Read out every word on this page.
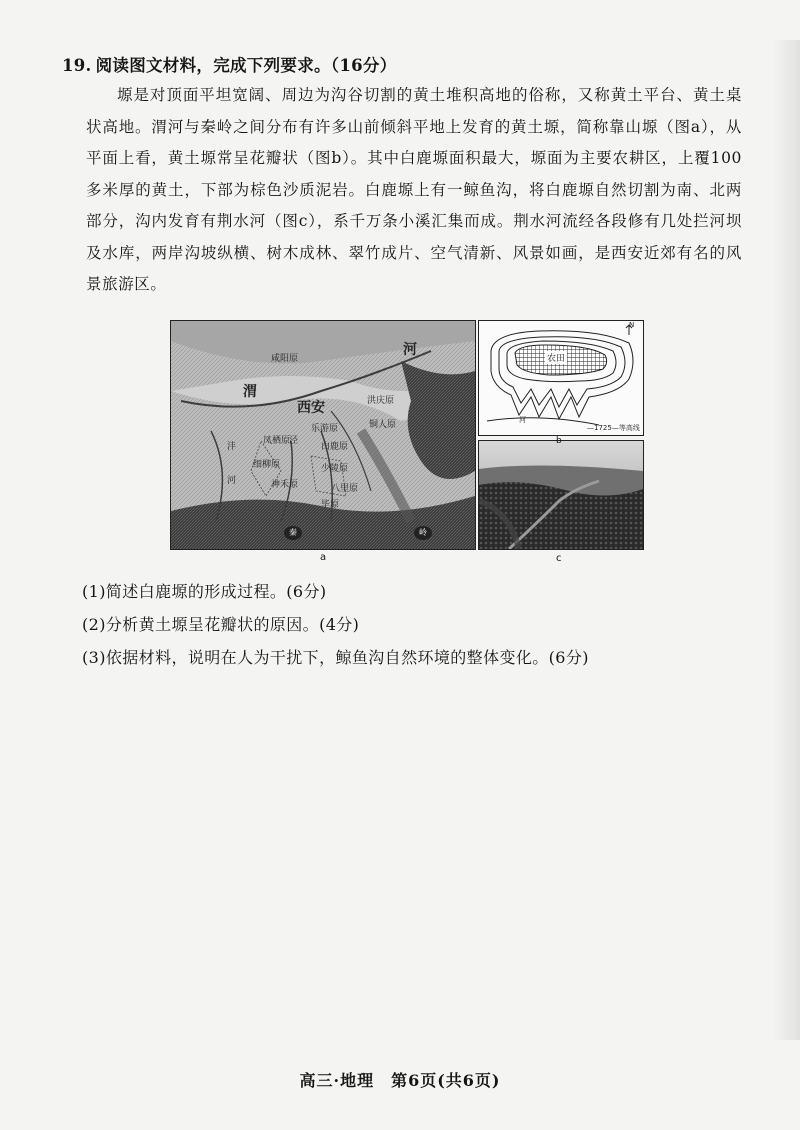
19. 阅读图文材料，完成下列要求。（16分）
塬是对顶面平坦宽阔、周边为沟谷切割的黄土堆积高地的俗称，又称黄土平台、黄土桌状高地。渭河与秦岭之间分布有许多山前倾斜平地上发育的黄土塬，简称靠山塬（图a），从平面上看，黄土塬常呈花瓣状（图b）。其中白鹿塬面积最大，塬面为主要农耕区，上覆100多米厚的黄土，下部为棕色沙质泥岩。白鹿塬上有一鲸鱼沟，将白鹿塬自然切割为南、北两部分，沟内发育有荆水河（图c），系千万条小溪汇集而成。荆水河流经各段修有几处拦河坝及水库，两岸沟坡纵横、树木成林、翠竹成片、空气清新、风景如画，是西安近郊有名的风景旅游区。
渭
河
西安
沣
河
泾
咸阳原
洪庆原
白鹿原
神禾原
少陵原
细柳原
凤栖原
八里原
铜人原
乐游原
毕原
秦	岭
农田
N
河
—1725—等高线
a
b
c
(1)简述白鹿塬的形成过程。(6分)
(2)分析黄土塬呈花瓣状的原因。(4分)
(3)依据材料，说明在人为干扰下，鲸鱼沟自然环境的整体变化。(6分)
高三·地理　第6页(共6页)
